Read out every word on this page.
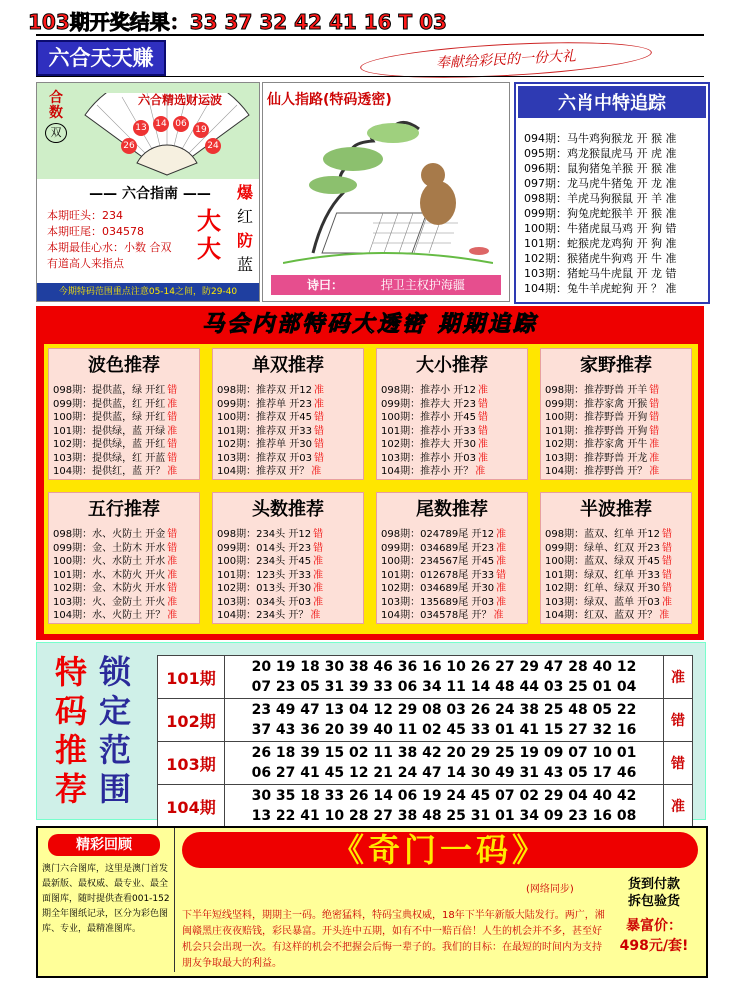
103期开奖结果：33 37 32 42 41 16 T 03
六合天天赚	奉献给彩民的一份大礼
合数
双
六合精选财运波
26
13 14 06
19
24
—— 六合指南 ——
本期旺头：234
本期旺尾：034578
本期最佳心水：小数 合双
有道高人来指点
大
大
爆
红
防
蓝
今期特码范围重点注意05-14之间，防29-40
仙人指路(特码透密)
诗曰：	捍卫主权护海疆
六肖中特追踪
094期：马牛鸡狗猴龙 开 猴 准
095期：鸡龙猴鼠虎马 开 虎 准
096期：鼠狗猪兔羊猴 开 猴 准
097期：龙马虎牛猪兔 开 龙 准
098期：羊虎马狗猴鼠 开 羊 准
099期：狗兔虎蛇猴羊 开 猴 准
100期：牛猪虎鼠马鸡 开 狗 错
101期：蛇猴虎龙鸡狗 开 狗 准
102期：猴猪虎牛狗鸡 开 牛 准
103期：猪蛇马牛虎鼠 开 龙 错
104期：兔牛羊虎蛇狗 开 ？ 准
马会内部特码大透密 期期追踪
波色推荐
098期：提供蓝，绿 开红 错
099期：提供蓝，红 开红 准
100期：提供蓝，绿 开红 错
101期：提供绿，蓝 开绿 准
102期：提供绿，蓝 开红 错
103期：提供绿，红 开蓝 错
104期：提供红，蓝 开？ 准
单双推荐
098期：推荐双 开12 准
099期：推荐单 开23 准
100期：推荐双 开45 错
101期：推荐双 开33 错
102期：推荐单 开30 错
103期：推荐双 开03 错
104期：推荐双 开？ 准
大小推荐
098期：推荐小 开12 准
099期：推荐大 开23 错
100期：推荐小 开45 错
101期：推荐小 开33 错
102期：推荐大 开30 准
103期：推荐小 开03 准
104期：推荐小 开？ 准
家野推荐
098期：推荐野兽 开羊 错
099期：推荐家禽 开猴 错
100期：推荐野兽 开狗 错
101期：推荐野兽 开狗 错
102期：推荐家禽 开牛 准
103期：推荐野兽 开龙 准
104期：推荐野兽 开？ 准
五行推荐
098期：水、火防土 开金 错
099期：金、土防木 开水 错
100期：火、水防土 开水 准
101期：水、木防火 开火 准
102期：金、木防火 开水 错
103期：火、金防土 开火 准
104期：水、火防土 开？ 准
头数推荐
098期：234头 开12 错
099期：014头 开23 错
100期：234头 开45 准
101期：123头 开33 准
102期：013头 开30 准
103期：034头 开03 准
104期：234头 开？ 准
尾数推荐
098期：024789尾 开12 准
099期：034689尾 开23 准
100期：234567尾 开45 准
101期：012678尾 开33 错
102期：034689尾 开30 准
103期：135689尾 开03 准
104期：034578尾 开？ 准
半波推荐
098期：蓝双、红单 开12 错
099期：绿单、红双 开23 错
100期：蓝双、绿双 开45 错
101期：绿双、红单 开33 错
102期：红单、绿双 开30 错
103期：绿双、蓝单 开03 准
104期：红双、蓝双 开？ 准
特 锁
码 定
推 范
荐 围
101期	20 19 18 30 38 46 36 16 10 26 27 29 47 28 40 12
07 23 05 31 39 33 06 34 11 14 48 44 03 25 01 04	准
102期	23 49 47 13 04 12 29 08 03 26 24 38 25 48 05 22
37 43 36 20 39 40 11 02 45 33 01 41 15 27 32 16	错
103期	26 18 39 15 02 11 38 42 20 29 25 19 09 07 10 01
06 27 41 45 12 21 24 47 14 30 49 31 43 05 17 46	错
104期	30 35 18 33 26 14 06 19 24 45 07 02 29 04 40 42
13 22 41 10 28 27 38 48 25 31 01 34 09 23 16 08	准
精彩回顾
澳门六合图库，这里是澳门首发最新版、最权威、最专业、最全面图库，随时提供查看001-152期全年图纸记录，区分为彩色图库、专业，最精准图库。
《奇门一码》
(网络同步)
下半年短线坚料，期期主一码。绝密猛料，特码宝典权威，18年下半年新版大陆发行。两广，湘闽赣黑庄夜夜赔钱，彩民暴富。开头连中五期，如有不中一赔百倍！人生的机会并不多，甚至好机会只会出现一次。有这样的机会不把握会后悔一辈子的。我们的目标：在最短的时间内为支持朋友争取最大的利益。
货到付款
拆包验货
暴富价：
498元/套!
